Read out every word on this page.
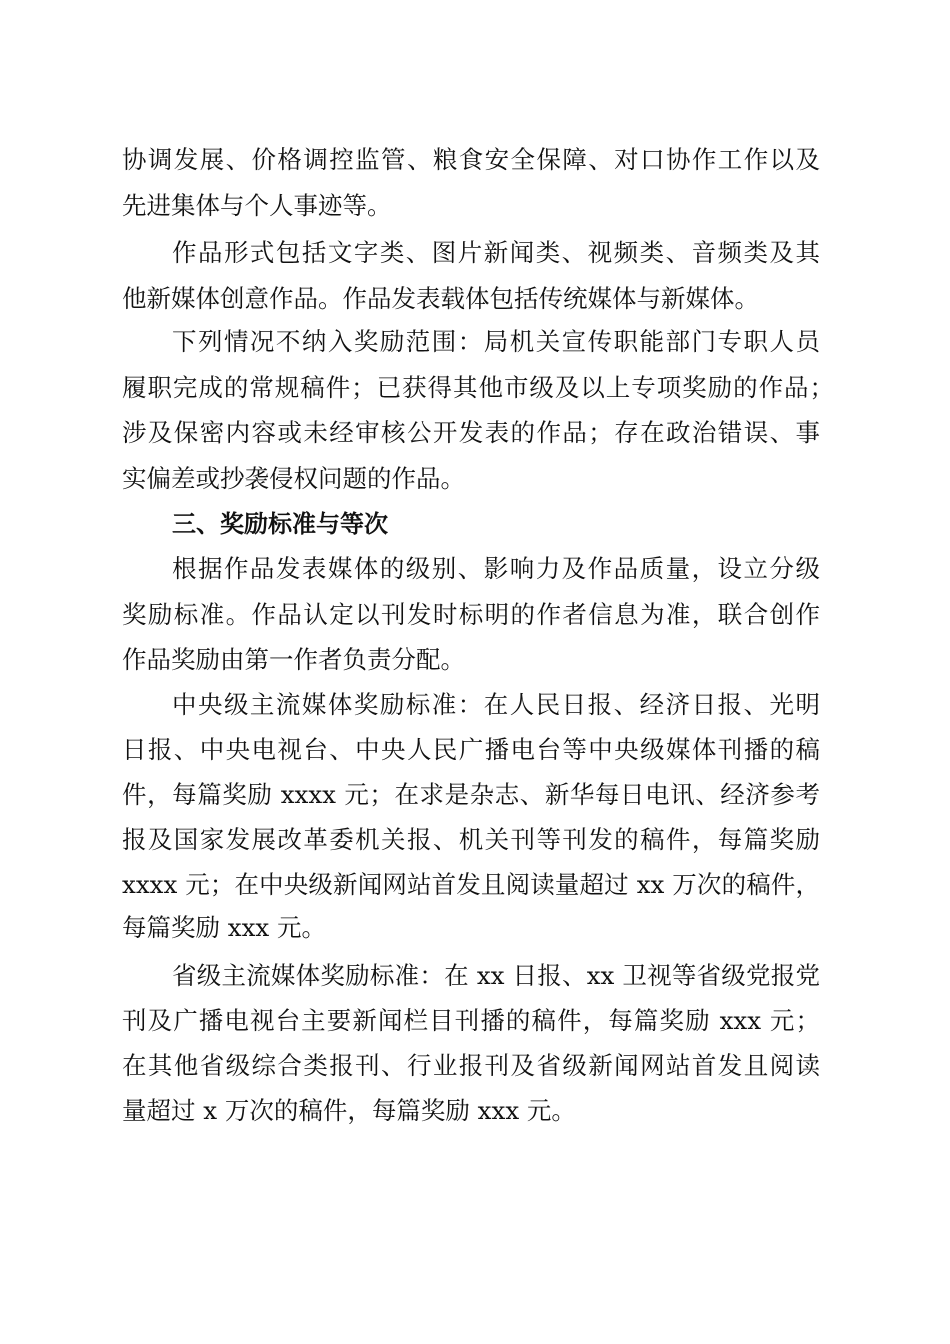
协调发展、价格调控监管、粮食安全保障、对口协作工作以及
先进集体与个人事迹等。
作品形式包括文字类、图片新闻类、视频类、音频类及其
他新媒体创意作品。作品发表载体包括传统媒体与新媒体。
下列情况不纳入奖励范围：局机关宣传职能部门专职人员
履职完成的常规稿件；已获得其他市级及以上专项奖励的作品；
涉及保密内容或未经审核公开发表的作品；存在政治错误、事
实偏差或抄袭侵权问题的作品。
三、奖励标准与等次
根据作品发表媒体的级别、影响力及作品质量，设立分级
奖励标准。作品认定以刊发时标明的作者信息为准，联合创作
作品奖励由第一作者负责分配。
中央级主流媒体奖励标准：在人民日报、经济日报、光明
日报、中央电视台、中央人民广播电台等中央级媒体刊播的稿
件，每篇奖励 xxxx 元；在求是杂志、新华每日电讯、经济参考
报及国家发展改革委机关报、机关刊等刊发的稿件，每篇奖励
xxxx 元；在中央级新闻网站首发且阅读量超过 xx 万次的稿件，
每篇奖励 xxx 元。
省级主流媒体奖励标准：在 xx 日报、xx 卫视等省级党报党
刊及广播电视台主要新闻栏目刊播的稿件，每篇奖励 xxx 元；
在其他省级综合类报刊、行业报刊及省级新闻网站首发且阅读
量超过 x 万次的稿件，每篇奖励 xxx 元。
